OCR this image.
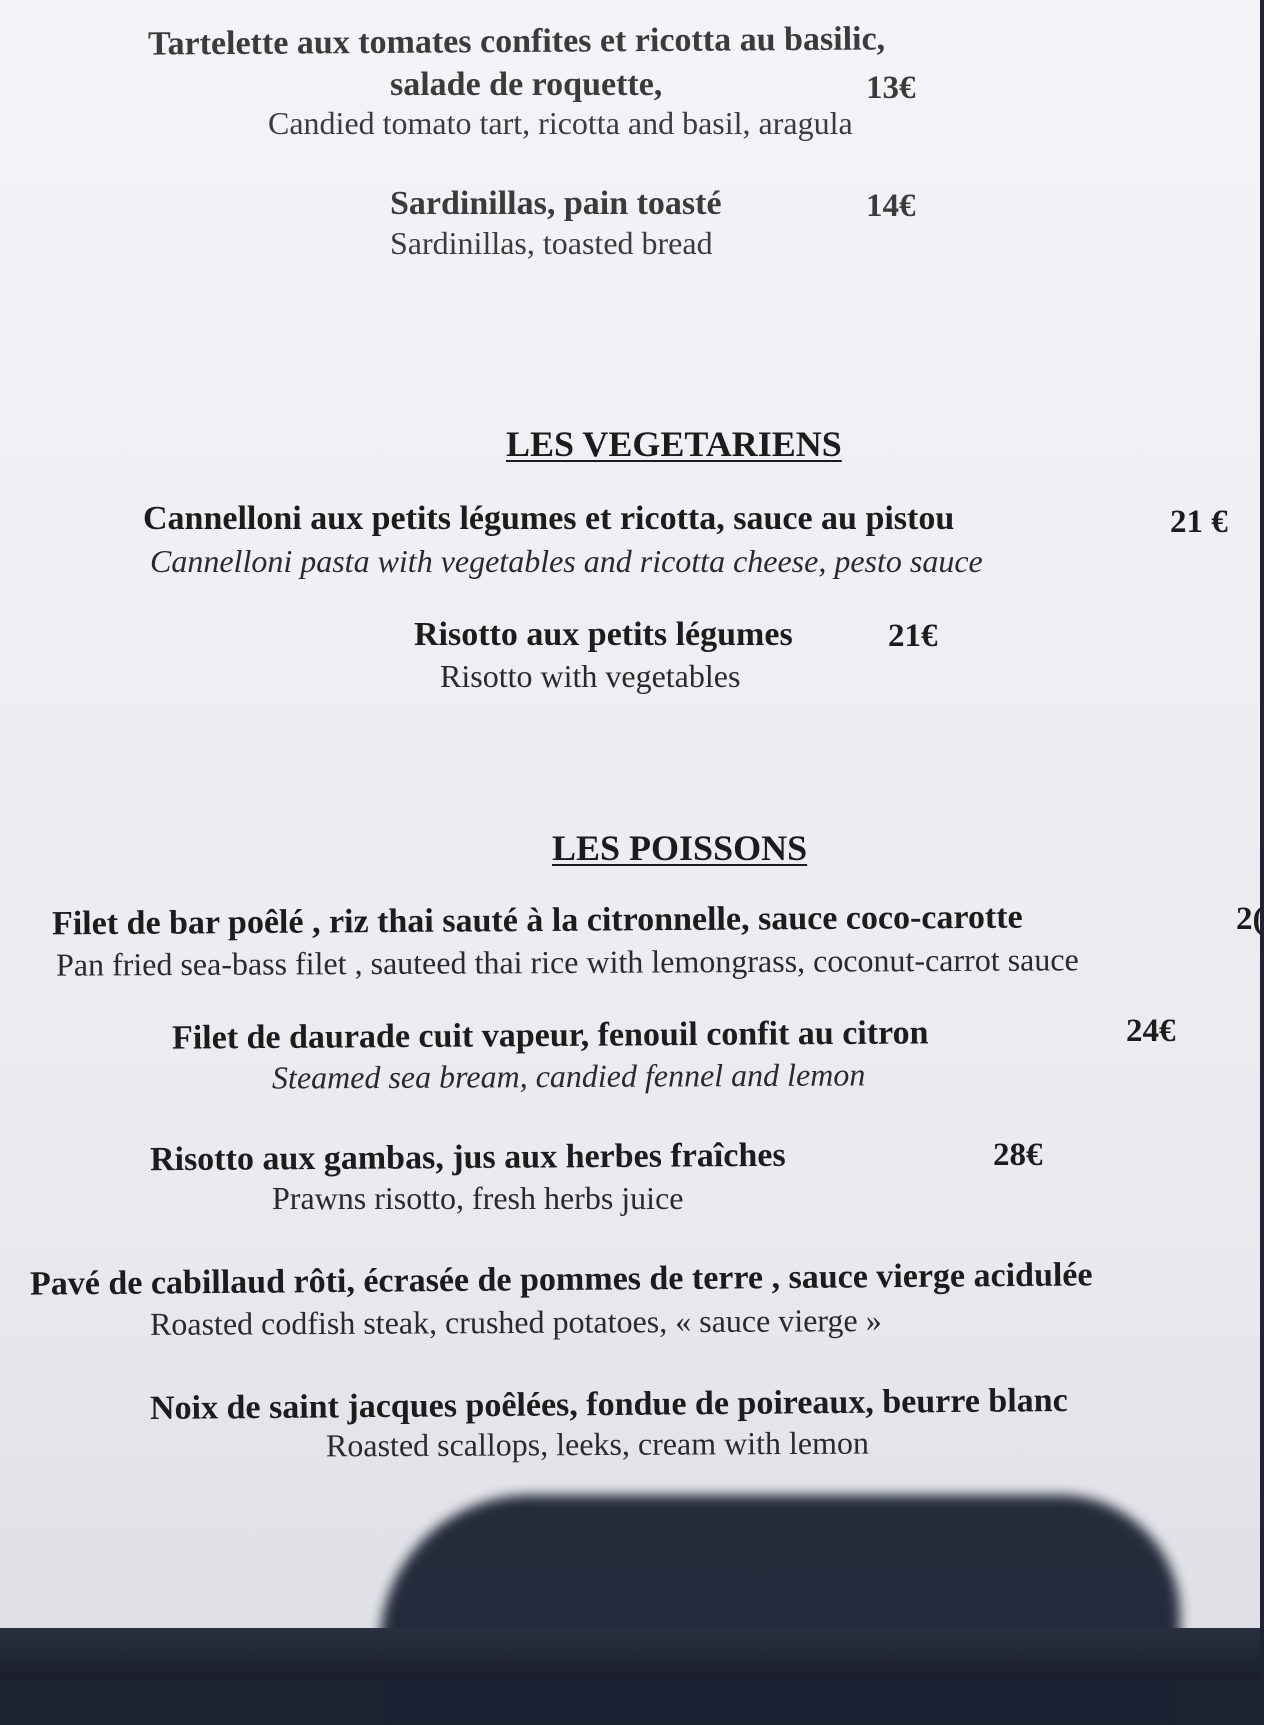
Tartelette aux tomates confites et ricotta au basilic,
salade de roquette,	13€
Candied tomato tart, ricotta and basil, aragula
Sardinillas, pain toasté	14€
Sardinillas, toasted bread
LES VEGETARIENS
Cannelloni aux petits légumes et ricotta, sauce au pistou	21 €
Cannelloni pasta with vegetables and ricotta cheese, pesto sauce
Risotto aux petits légumes	21€
Risotto with vegetables
LES POISSONS
Filet de bar poêlé , riz thai sauté à la citronnelle, sauce coco-carotte	2(
Pan fried sea-bass filet , sauteed thai rice with lemongrass, coconut-carrot sauce
Filet de daurade cuit vapeur, fenouil confit au citron	24€
Steamed sea bream, candied fennel and lemon
Risotto aux gambas, jus aux herbes fraîches	28€
Prawns risotto, fresh herbs juice
Pavé de cabillaud rôti, écrasée de pommes de terre , sauce vierge acidulée
Roasted codfish steak, crushed potatoes, « sauce vierge »
Noix de saint jacques poêlées, fondue de poireaux, beurre blanc
Roasted scallops, leeks, cream with lemon
